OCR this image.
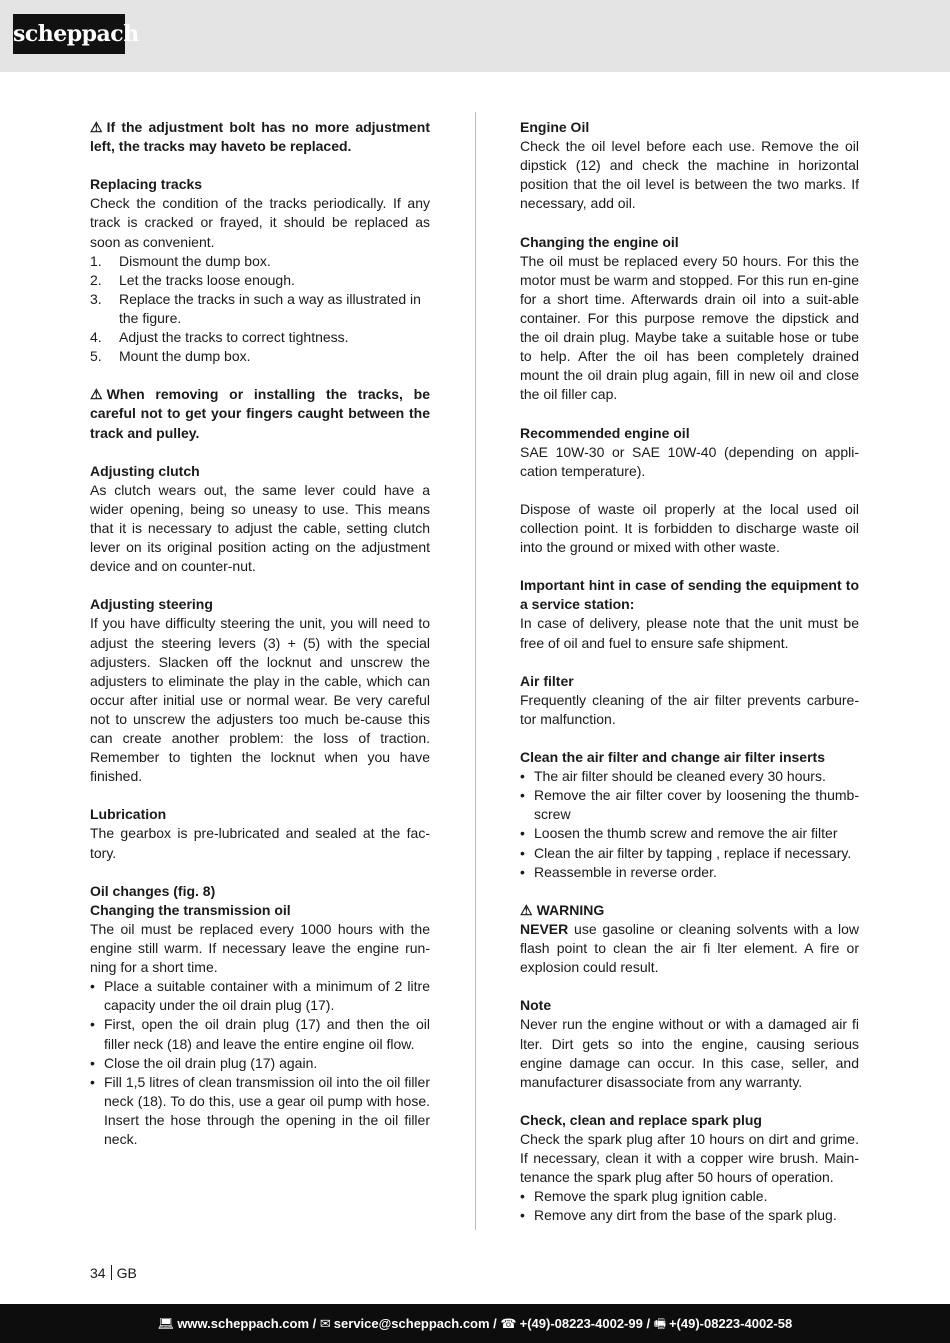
scheppach

⚠ If the adjustment bolt has no more adjustment left, the tracks may haveto be replaced.

Replacing tracks

Check the condition of the tracks periodically. If any track is cracked or frayed, it should be replaced as soon as convenient.

1. Dismount the dump box.
2. Let the tracks loose enough.
3. Replace the tracks in such a way as illustrated in the figure.
4. Adjust the tracks to correct tightness.
5. Mount the dump box.

⚠ When removing or installing the tracks, be careful not to get your fingers caught between the track and pulley.

Adjusting clutch

As clutch wears out, the same lever could have a wider opening, being so uneasy to use. This means that it is necessary to adjust the cable, setting clutch lever on its original position acting on the adjustment device and on counter-nut.

Adjusting steering

If you have difficulty steering the unit, you will need to adjust the steering levers (3) + (5) with the special adjusters. Slacken off the locknut and unscrew the adjusters to eliminate the play in the cable, which can occur after initial use or normal wear. Be very careful not to unscrew the adjusters too much be-cause this can create another problem: the loss of traction. Remember to tighten the locknut when you have finished.

Lubrication

The gearbox is pre-lubricated and sealed at the fac-tory.

Oil changes (fig. 8)

Changing the transmission oil

The oil must be replaced every 1000 hours with the engine still warm. If necessary leave the engine run-ning for a short time.

• Place a suitable container with a minimum of 2 litre capacity under the oil drain plug (17).
• First, open the oil drain plug (17) and then the oil filler neck (18) and leave the entire engine oil flow.
• Close the oil drain plug (17) again.
• Fill 1,5 litres of clean transmission oil into the oil filler neck (18). To do this, use a gear oil pump with hose. Insert the hose through the opening in the oil filler neck.

Engine Oil

Check the oil level before each use. Remove the oil dipstick (12) and check the machine in horizontal position that the oil level is between the two marks. If necessary, add oil.

Changing the engine oil

The oil must be replaced every 50 hours. For this the motor must be warm and stopped. For this run en-gine for a short time. Afterwards drain oil into a suit-able container. For this purpose remove the dipstick and the oil drain plug. Maybe take a suitable hose or tube to help. After the oil has been completely drained mount the oil drain plug again, fill in new oil and close the oil filler cap.

Recommended engine oil

SAE 10W-30 or SAE 10W-40 (depending on appli-cation temperature).

Dispose of waste oil properly at the local used oil collection point. It is forbidden to discharge waste oil into the ground or mixed with other waste.

Important hint in case of sending the equipment to a service station:

In case of delivery, please note that the unit must be free of oil and fuel to ensure safe shipment.

Air filter

Frequently cleaning of the air filter prevents carbure-tor malfunction.

Clean the air filter and change air filter inserts

• The air filter should be cleaned every 30 hours.
• Remove the air filter cover by loosening the thumb-screw
• Loosen the thumb screw and remove the air filter
• Clean the air filter by tapping , replace if necessary.
• Reassemble in reverse order.

⚠ WARNING

NEVER use gasoline or cleaning solvents with a low flash point to clean the air fi lter element. A fire or explosion could result.

Note

Never run the engine without or with a damaged air fi lter. Dirt gets so into the engine, causing serious engine damage can occur. In this case, seller, and manufacturer disassociate from any warranty.

Check, clean and replace spark plug

Check the spark plug after 10 hours on dirt and grime. If necessary, clean it with a copper wire brush. Main-tenance the spark plug after 50 hours of operation.

• Remove the spark plug ignition cable.
• Remove any dirt from the base of the spark plug.
34 GB
💻︎ www.scheppach.com / ✉ service@scheppach.com / ☎ +(49)-08223-4002-99 / 🖷︎ +(49)-08223-4002-58
